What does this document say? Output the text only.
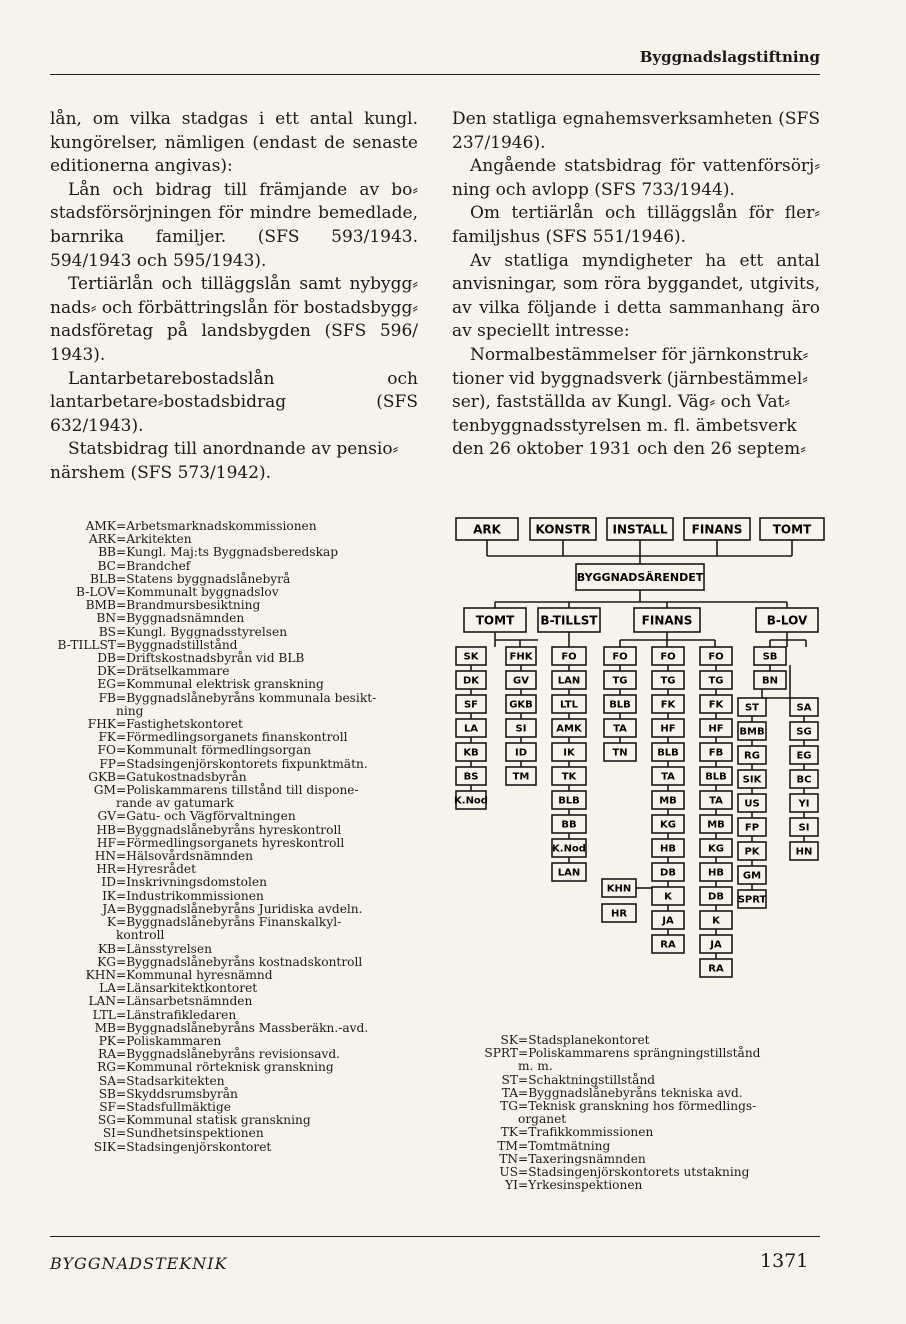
Byggnadslagstiftning

lån, om vilka stadgas i ett antal kungl. kungörelser, nämligen (endast de senaste editionerna angivas):

Lån och bidrag till främjande av bo⸗stadsförsörjningen för mindre bemedlade, barnrika familjer. (SFS 593/1943. 594/1943 och 595/1943).

Tertiärlån och tilläggslån samt nybygg⸗nads⸗ och förbättringslån för bostadsbygg⸗nadsföretag på landsbygden (SFS 596/ 1943).

Lantarbetarebostadslån och lantarbetare⸗bostadsbidrag (SFS 632/1943).

Statsbidrag till anordnande av pensio⸗närshem (SFS 573/1942).

Den statliga egnahemsverksamheten (SFS 237/1946).

Angående statsbidrag för vattenförsörj⸗ning och avlopp (SFS 733/1944).

Om tertiärlån och tilläggslån för fler⸗familjshus (SFS 551/1946).

Av statliga myndigheter ha ett antal anvisningar, som röra byggandet, utgivits, av vilka följande i detta sammanhang äro av speciellt intresse:

Normalbestämmelser för järnkonstruk⸗tioner vid byggnadsverk (järnbestämmel⸗ser), fastställda av Kungl. Väg⸗ och Vat⸗tenbyggnadsstyrelsen m. fl. ämbetsverk den 26 oktober 1931 och den 26 septem⸗

AMK =Arbetsmarknadskommissionen
ARK =Arkitekten
BB =Kungl. Maj:ts Byggnadsberedskap
BC =Brandchef
BLB =Statens byggnadslånebyrå
B-LOV =Kommunalt byggnadslov
BMB =Brandmursbesiktning
BN =Byggnadsnämnden
BS =Kungl. Byggnadsstyrelsen
B-TILLST =Byggnadstillstånd
DB =Driftskostnadsbyrån vid BLB
DK =Drätselkammare
EG =Kommunal elektrisk granskning
FB =Byggnadslånebyråns kommunala besikt-
ning
FHK =Fastighetskontoret
FK =Förmedlingsorganets finanskontroll
FO =Kommunalt förmedlingsorgan
FP =Stadsingenjörskontorets fixpunktmätn.
GKB =Gatukostnadsbyrån
GM =Poliskammarens tillstånd till dispone-
rande av gatumark
GV =Gatu- och Vägförvaltningen
HB =Byggnadslånebyråns hyreskontroll
HF =Förmedlingsorganets hyreskontroll
HN =Hälsovårdsnämnden
HR =Hyresrådet
ID =Inskrivningsdomstolen
IK =Industrikommissionen
JA =Byggnadslånebyråns Juridiska avdeln.
K =Byggnadslånebyråns Finanskalkyl-
kontroll
KB =Länsstyrelsen
KG =Byggnadslånebyråns kostnadskontroll
KHN =Kommunal hyresnämnd
LA =Länsarkitektkontoret
LAN =Länsarbetsnämnden
LTL =Länstrafikledaren
MB =Byggnadslånebyråns Massberäkn.-avd.
PK =Poliskammaren
RA =Byggnadslånebyråns revisionsavd.
RG =Kommunal rörteknisk granskning
SA =Stadsarkitekten
SB =Skyddsrumsbyrån
SF =Stadsfullmäktige
SG =Kommunal statisk granskning
SI =Sundhetsinspektionen
SIK =Stadsingenjörskontoret
SK =Stadsplanekontoret
SPRT =Poliskammarens sprängningstillstånd
m. m.
ST =Schaktningstillstånd
TA =Byggnadslånebyråns tekniska avd.
TG =Teknisk granskning hos förmedlings-
organet
TK =Trafikkommissionen
TM =Tomtmätning
TN =Taxeringsnämnden
US =Stadsingenjörskontorets utstakning
YI =Yrkesinspektionen
ARK	KONSTR INSTALL FINANS	TOMT
BYGGNADSÄRENDET
TOMT B-TILLST	FINANS	B-LOV
SK
DK
SF
LA
KB
BS
K.Nod
FHK
GV
GKB
SI
ID
TM
FO
LAN
LTL
AMK
IK
TK
BLB
BB
K.Nod
LAN
FO
TG
BLB
TA
TN
FO
TG
FK
HF
BLB
TA
MB
KG
HB
DB
K
JA
RA
FO
TG
FK
HF
FB
BLB
TA
MB
KG
HB
DB
K
JA
RA
KHN
HR
SB
BN
ST
BMB
RG
SIK
US
FP
PK
GM
SPRT
SA
SG
EG
BC
YI
SI
HN
BYGGNADSTEKNIK	1371
